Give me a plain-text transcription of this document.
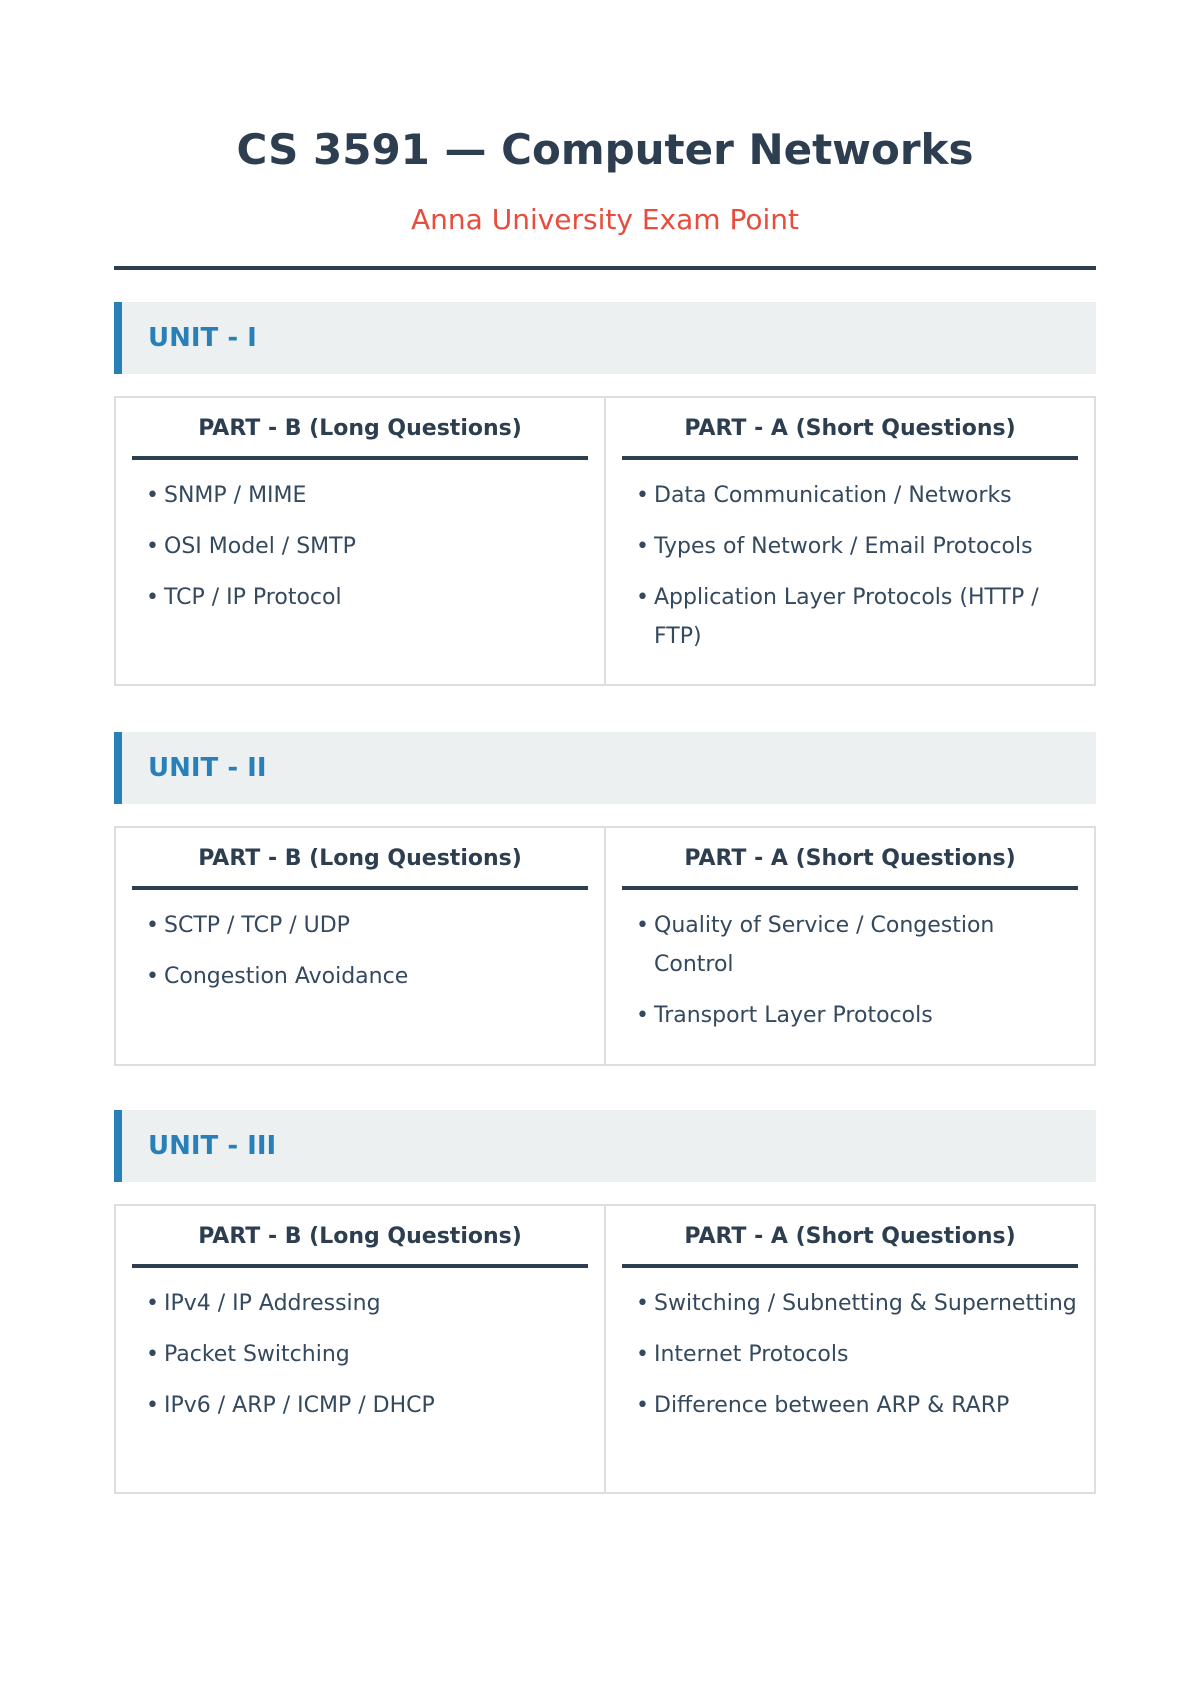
CS 3591 — Computer Networks
Anna University Exam Point
UNIT - I
PART - B (Long Questions)
• SNMP / MIME
• OSI Model / SMTP
• TCP / IP Protocol
PART - A (Short Questions)
• Data Communication / Networks
• Types of Network / Email Protocols
• Application Layer Protocols (HTTP / FTP)
UNIT - II
PART - B (Long Questions)
• SCTP / TCP / UDP
• Congestion Avoidance
PART - A (Short Questions)
• Quality of Service / Congestion Control
• Transport Layer Protocols
UNIT - III
PART - B (Long Questions)
• IPv4 / IP Addressing
• Packet Switching
• IPv6 / ARP / ICMP / DHCP
PART - A (Short Questions)
• Switching / Subnetting & Supernetting
• Internet Protocols
• Difference between ARP & RARP
